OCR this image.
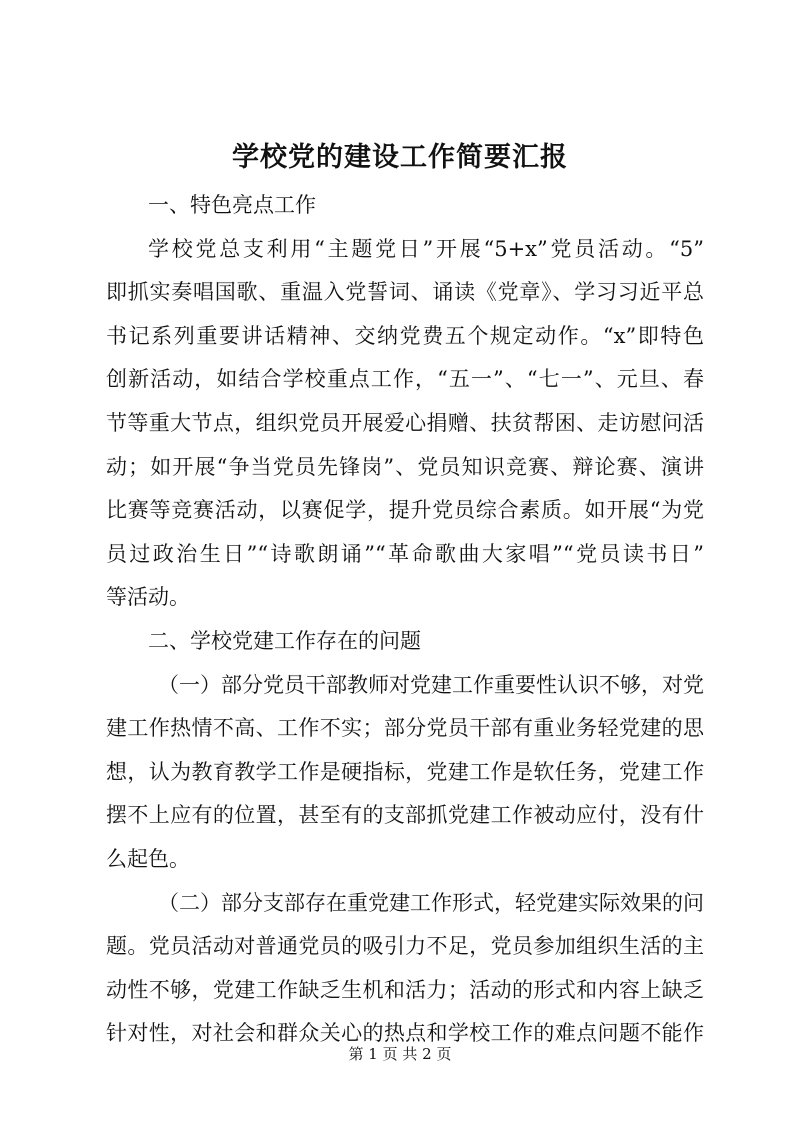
学校党的建设工作简要汇报
一、特色亮点工作
学校党总支利用“主题党日”开展“5+x”党员活动。“5”
即抓实奏唱国歌、重温入党誓词、诵读《党章》、学习习近平总
书记系列重要讲话精神、交纳党费五个规定动作。“x”即特色
创新活动，如结合学校重点工作，“五一”、“七一”、元旦、春
节等重大节点，组织党员开展爱心捐赠、扶贫帮困、走访慰问活
动；如开展“争当党员先锋岗”、党员知识竞赛、辩论赛、演讲
比赛等竞赛活动，以赛促学，提升党员综合素质。如开展“为党
员过政治生日”“诗歌朗诵”“革命歌曲大家唱”“党员读书日”
等活动。
二、学校党建工作存在的问题
（一）部分党员干部教师对党建工作重要性认识不够，对党
建工作热情不高、工作不实；部分党员干部有重业务轻党建的思
想，认为教育教学工作是硬指标，党建工作是软任务，党建工作
摆不上应有的位置，甚至有的支部抓党建工作被动应付，没有什
么起色。
（二）部分支部存在重党建工作形式，轻党建实际效果的问
题。党员活动对普通党员的吸引力不足，党员参加组织生活的主
动性不够，党建工作缺乏生机和活力；活动的形式和内容上缺乏
针对性，对社会和群众关心的热点和学校工作的难点问题不能作
第 1 页 共 2 页
